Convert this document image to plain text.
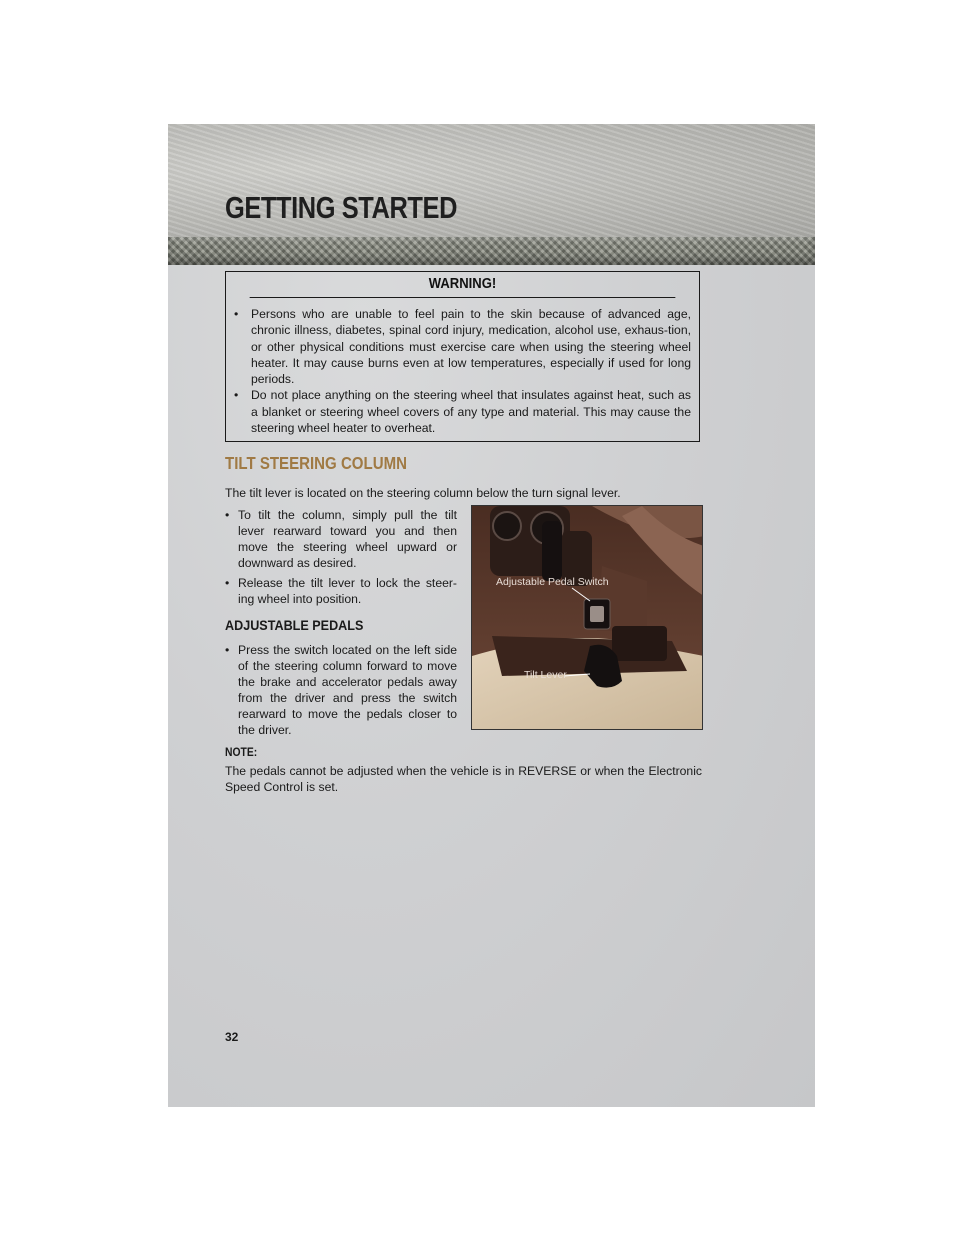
GETTING STARTED
WARNING!
• Persons who are unable to feel pain to the skin because of advanced age, chronic illness, diabetes, spinal cord injury, medication, alcohol use, exhaus-tion, or other physical conditions must exercise care when using the steering wheel heater. It may cause burns even at low temperatures, especially if used for long periods.
• Do not place anything on the steering wheel that insulates against heat, such as a blanket or steering wheel covers of any type and material. This may cause the steering wheel heater to overheat.
TILT STEERING COLUMN

The tilt lever is located on the steering column below the turn signal lever.

• To tilt the column, simply pull the tilt lever rearward toward you and then move the steering wheel upward or downward as desired.
• Release the tilt lever to lock the steer-ing wheel into position.
ADJUSTABLE PEDALS
• Press the switch located on the left side of the steering column forward to move the brake and accelerator pedals away from the driver and press the switch rearward to move the pedals closer to the driver.
Adjustable Pedal Switch
Tilt Lever

NOTE:

The pedals cannot be adjusted when the vehicle is in REVERSE or when the Electronic Speed Control is set.

32
